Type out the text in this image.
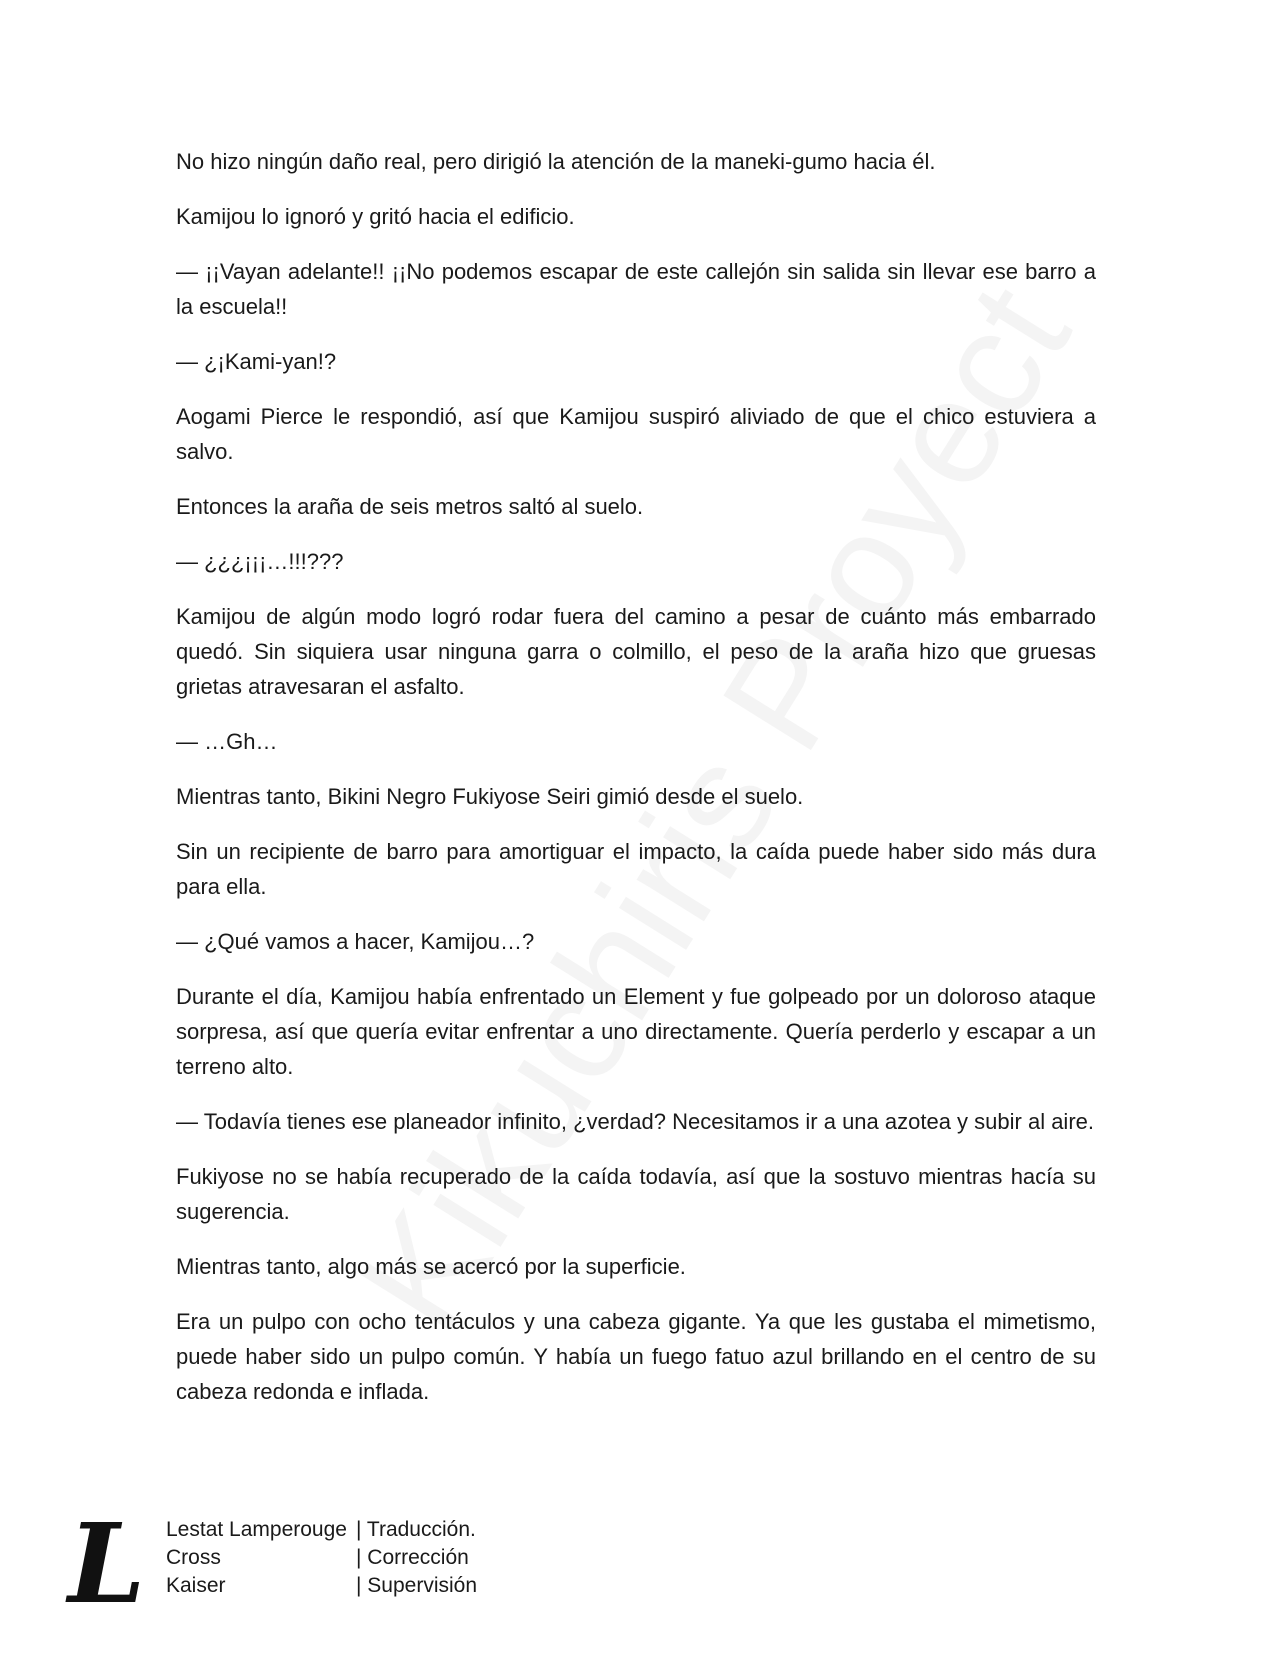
No hizo ningún daño real, pero dirigió la atención de la maneki-gumo hacia él.

Kamijou lo ignoró y gritó hacia el edificio.

— ¡¡Vayan adelante!! ¡¡No podemos escapar de este callejón sin salida sin llevar ese barro a la escuela!!

— ¿¡Kami-yan!?

Aogami Pierce le respondió, así que Kamijou suspiró aliviado de que el chico estuviera a salvo.

Entonces la araña de seis metros saltó al suelo.

— ¿¿¿¡¡¡…!!!???

Kamijou de algún modo logró rodar fuera del camino a pesar de cuánto más embarrado quedó. Sin siquiera usar ninguna garra o colmillo, el peso de la araña hizo que gruesas grietas atravesaran el asfalto.

— …Gh…

Mientras tanto, Bikini Negro Fukiyose Seiri gimió desde el suelo.

Sin un recipiente de barro para amortiguar el impacto, la caída puede haber sido más dura para ella.

— ¿Qué vamos a hacer, Kamijou…?

Durante el día, Kamijou había enfrentado un Element y fue golpeado por un doloroso ataque sorpresa, así que quería evitar enfrentar a uno directamente. Quería perderlo y escapar a un terreno alto.

— Todavía tienes ese planeador infinito, ¿verdad? Necesitamos ir a una azotea y subir al aire.

Fukiyose no se había recuperado de la caída todavía, así que la sostuvo mientras hacía su sugerencia.

Mientras tanto, algo más se acercó por la superficie.

Era un pulpo con ocho tentáculos y una cabeza gigante. Ya que les gustaba el mimetismo, puede haber sido un pulpo común. Y había un fuego fatuo azul brillando en el centro de su cabeza redonda e inflada.

L Lestat Lamperouge | Traducción.
Cross	| Corrección
Kaiser	| Supervisión
